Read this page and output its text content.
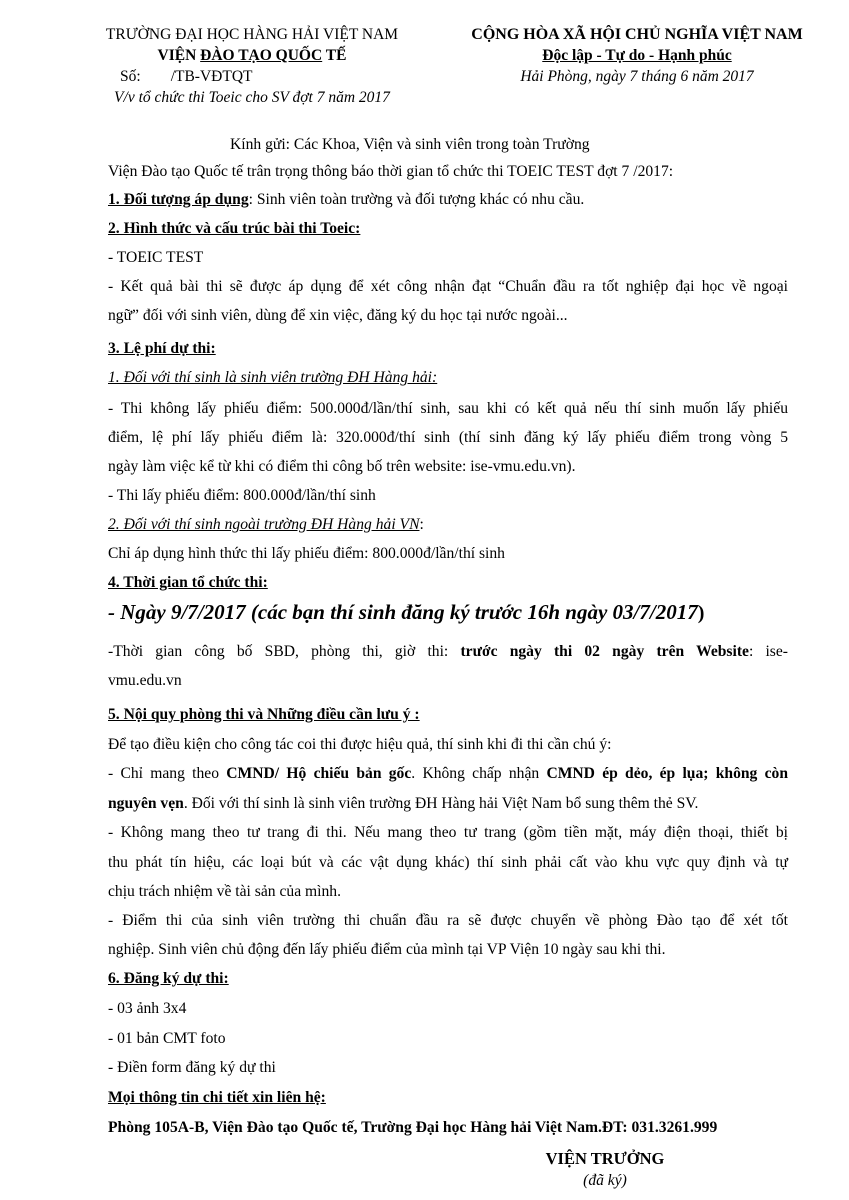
TRƯỜNG ĐẠI HỌC HÀNG HẢI VIỆT NAM
VIỆN ĐÀO TẠO QUỐC TẾ
Số: /TB-VĐTQT
V/v tổ chức thi Toeic cho SV đợt 7 năm 2017
CỘNG HÒA XÃ HỘI CHỦ NGHĨA VIỆT NAM
Độc lập - Tự do - Hạnh phúc
Hải Phòng, ngày 7 tháng 6 năm 2017
Kính gửi: Các Khoa, Viện và sinh viên trong toàn Trường
Viện Đào tạo Quốc tế trân trọng thông báo thời gian tổ chức thi TOEIC TEST đợt 7 /2017:
1. Đối tượng áp dụng: Sinh viên toàn trường và đối tượng khác có nhu cầu.
2. Hình thức và cấu trúc bài thi Toeic:
- TOEIC TEST
- Kết quả bài thi sẽ được áp dụng để xét công nhận đạt “Chuẩn đầu ra tốt nghiệp đại học về ngoại
ngữ” đối với sinh viên, dùng để xin việc, đăng ký du học tại nước ngoài...
3. Lệ phí dự thi:
1. Đối với thí sinh là sinh viên trường ĐH Hàng hải:
- Thi không lấy phiếu điểm: 500.000đ/lần/thí sinh, sau khi có kết quả nếu thí sinh muốn lấy phiếu
điểm, lệ phí lấy phiếu điểm là: 320.000đ/thí sinh (thí sinh đăng ký lấy phiếu điểm trong vòng 5
ngày làm việc kể từ khi có điểm thi công bố trên website: ise-vmu.edu.vn).
- Thi lấy phiếu điểm: 800.000đ/lần/thí sinh
2. Đối với thí sinh ngoài trường ĐH Hàng hải VN:
Chỉ áp dụng hình thức thi lấy phiếu điểm: 800.000đ/lần/thí sinh
4. Thời gian tổ chức thi:
- Ngày 9/7/2017 (các bạn thí sinh đăng ký trước 16h ngày 03/7/2017)
-Thời gian công bố SBD, phòng thi, giờ thi: trước ngày thi 02 ngày trên Website: ise-
vmu.edu.vn
5. Nội quy phòng thi và Những điều cần lưu ý :
Để tạo điều kiện cho công tác coi thi được hiệu quả, thí sinh khi đi thi cần chú ý:
- Chỉ mang theo CMND/ Hộ chiếu bản gốc. Không chấp nhận CMND ép dẻo, ép lụa; không còn
nguyên vẹn. Đối với thí sinh là sinh viên trường ĐH Hàng hải Việt Nam bổ sung thêm thẻ SV.
- Không mang theo tư trang đi thi. Nếu mang theo tư trang (gồm tiền mặt, máy điện thoại, thiết bị
thu phát tín hiệu, các loại bút và các vật dụng khác) thí sinh phải cất vào khu vực quy định và tự
chịu trách nhiệm về tài sản của mình.
- Điểm thi của sinh viên trường thi chuẩn đầu ra sẽ được chuyển về phòng Đào tạo để xét tốt
nghiệp. Sinh viên chủ động đến lấy phiếu điểm của mình tại VP Viện 10 ngày sau khi thi.
6. Đăng ký dự thi:
- 03 ảnh 3x4
- 01 bản CMT foto
- Điền form đăng ký dự thi
Mọi thông tin chi tiết xin liên hệ:
Phòng 105A-B, Viện Đào tạo Quốc tế, Trường Đại học Hàng hải Việt Nam.ĐT: 031.3261.999
VIỆN TRƯỞNG
(đã ký)
